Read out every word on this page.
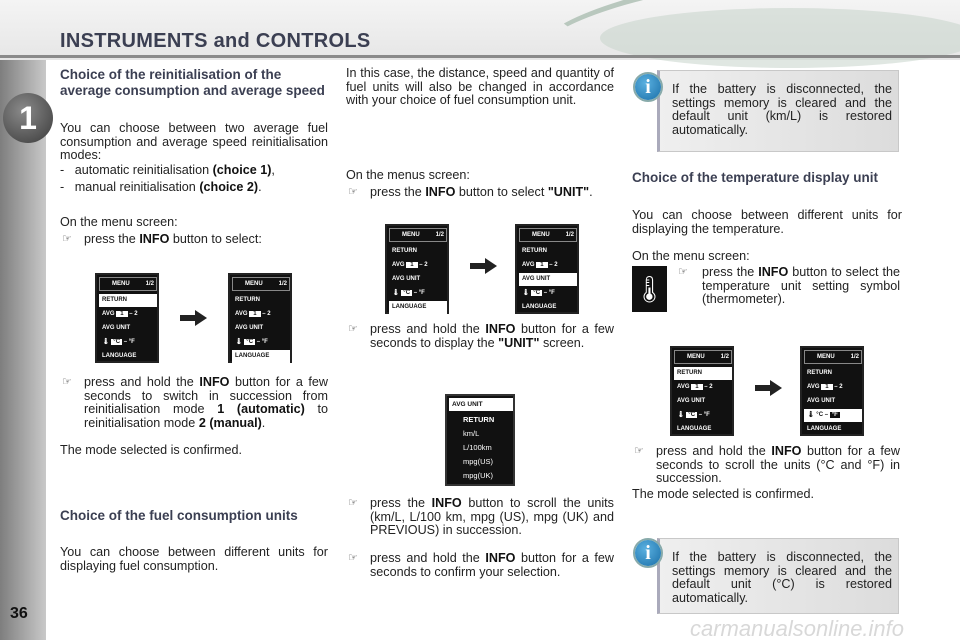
INSTRUMENTS and CONTROLS
1
36
Choice of the reinitialisation of the average consumption and average speed
You can choose between two average fuel consumption and average speed reinitialisation modes:
-   automatic reinitialisation (choice 1),
-   manual reinitialisation (choice 2).
On the menu screen:
☞ press the INFO button to select:
MENU	1/2
RETURN
AVG 1 – 2
AVG UNIT
🌡 °C – °F
LANGUAGE
MENU	1/2
RETURN
AVG 1 – 2
AVG UNIT
🌡 °C – °F
LANGUAGE
☞ press and hold the INFO button for a few seconds to switch in succession from reinitialisation mode 1 (automatic) to reinitialisation mode 2 (manual).
The mode selected is confirmed.
Choice of the fuel consumption units
You can choose between different units for displaying fuel consumption.
In this case, the distance, speed and quantity of fuel units will also be changed in accordance with your choice of fuel consumption unit.
On the menus screen:
☞ press the INFO button to select "UNIT".
MENU	1/2
RETURN
AVG 1 – 2
AVG UNIT
🌡 °C – °F
LANGUAGE
MENU	1/2
RETURN
AVG 1 – 2
AVG UNIT
🌡 °C – °F
LANGUAGE
☞ press and hold the INFO button for a few seconds to display the "UNIT" screen.
AVG UNIT
RETURN
km/L
L/100km
mpg(US)
mpg(UK)
☞ press the INFO button to scroll the units (km/L, L/100 km, mpg (US), mpg (UK) and PREVIOUS) in succession.
☞ press and hold the INFO button for a few seconds to confirm your selection.
If the battery is disconnected, the settings memory is cleared and the default unit (km/L) is restored automatically.
i
Choice of the temperature display unit
You can choose between different units for displaying the temperature.
On the menu screen:
🌡
☞ press the INFO button to select the temperature unit setting symbol (thermometer).
MENU	1/2
RETURN
AVG 1 – 2
AVG UNIT
🌡 °C – °F
LANGUAGE
MENU	1/2
RETURN
AVG 1 – 2
AVG UNIT
🌡 °C – °F
LANGUAGE
☞ press and hold the INFO button for a few seconds to scroll the units (°C and °F) in succession.
The mode selected is confirmed.
If the battery is disconnected, the settings memory is cleared and the default unit (°C) is restored automatically.
i
carmanualsonline.info
